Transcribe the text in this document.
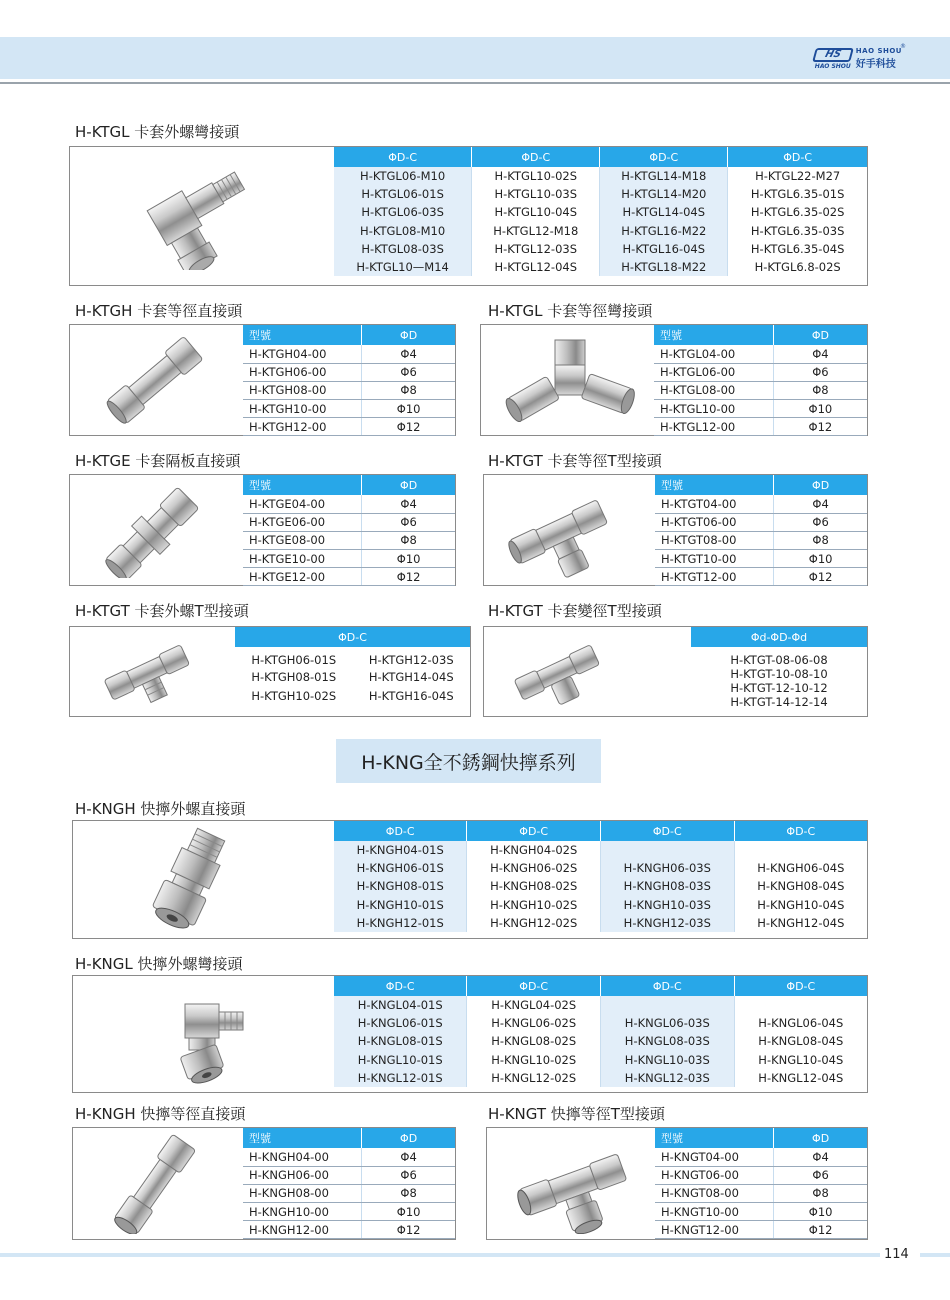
HS
HAO SHOU
®
HAO SHOU
好手科技
H-KTGL 卡套外螺彎接頭
ΦD-C	ΦD-C	ΦD-C	ΦD-C
H-KTGL06-M10	H-KTGL10-02S	H-KTGL14-M18	H-KTGL22-M27
H-KTGL06-01S	H-KTGL10-03S	H-KTGL14-M20	H-KTGL6.35-01S
H-KTGL06-03S	H-KTGL10-04S	H-KTGL14-04S	H-KTGL6.35-02S
H-KTGL08-M10	H-KTGL12-M18	H-KTGL16-M22	H-KTGL6.35-03S
H-KTGL08-03S	H-KTGL12-03S	H-KTGL16-04S	H-KTGL6.35-04S
H-KTGL10—M14	H-KTGL12-04S	H-KTGL18-M22	H-KTGL6.8-02S
H-KTGH 卡套等徑直接頭
型號	ΦD
H-KTGH04-00	Φ4
H-KTGH06-00	Φ6
H-KTGH08-00	Φ8
H-KTGH10-00	Φ10
H-KTGH12-00	Φ12
H-KTGL 卡套等徑彎接頭
型號	ΦD
H-KTGL04-00	Φ4
H-KTGL06-00	Φ6
H-KTGL08-00	Φ8
H-KTGL10-00	Φ10
H-KTGL12-00	Φ12
H-KTGE 卡套隔板直接頭
型號	ΦD
H-KTGE04-00	Φ4
H-KTGE06-00	Φ6
H-KTGE08-00	Φ8
H-KTGE10-00	Φ10
H-KTGE12-00	Φ12
H-KTGT 卡套等徑T型接頭
型號	ΦD
H-KTGT04-00	Φ4
H-KTGT06-00	Φ6
H-KTGT08-00	Φ8
H-KTGT10-00	Φ10
H-KTGT12-00	Φ12
H-KTGT 卡套外螺T型接頭
ΦD-C	
H-KTGH06-01S	H-KTGH12-03S
H-KTGH08-01S	H-KTGH14-04S
H-KTGH10-02S	H-KTGH16-04S
H-KTGT 卡套變徑T型接頭
Φd-ΦD-Φd
H-KTGT-08-06-08
H-KTGT-10-08-10
H-KTGT-12-10-12
H-KTGT-14-12-14
H-KNG全不銹鋼快擰系列
H-KNGH 快擰外螺直接頭
ΦD-C	ΦD-C	ΦD-C	ΦD-C
H-KNGH04-01S	H-KNGH04-02S		
H-KNGH06-01S	H-KNGH06-02S	H-KNGH06-03S	H-KNGH06-04S
H-KNGH08-01S	H-KNGH08-02S	H-KNGH08-03S	H-KNGH08-04S
H-KNGH10-01S	H-KNGH10-02S	H-KNGH10-03S	H-KNGH10-04S
H-KNGH12-01S	H-KNGH12-02S	H-KNGH12-03S	H-KNGH12-04S
H-KNGL 快擰外螺彎接頭
ΦD-C	ΦD-C	ΦD-C	ΦD-C
H-KNGL04-01S	H-KNGL04-02S		
H-KNGL06-01S	H-KNGL06-02S	H-KNGL06-03S	H-KNGL06-04S
H-KNGL08-01S	H-KNGL08-02S	H-KNGL08-03S	H-KNGL08-04S
H-KNGL10-01S	H-KNGL10-02S	H-KNGL10-03S	H-KNGL10-04S
H-KNGL12-01S	H-KNGL12-02S	H-KNGL12-03S	H-KNGL12-04S
H-KNGH 快擰等徑直接頭
型號	ΦD
H-KNGH04-00	Φ4
H-KNGH06-00	Φ6
H-KNGH08-00	Φ8
H-KNGH10-00	Φ10
H-KNGH12-00	Φ12
H-KNGT 快擰等徑T型接頭
型號	ΦD
H-KNGT04-00	Φ4
H-KNGT06-00	Φ6
H-KNGT08-00	Φ8
H-KNGT10-00	Φ10
H-KNGT12-00	Φ12
114
